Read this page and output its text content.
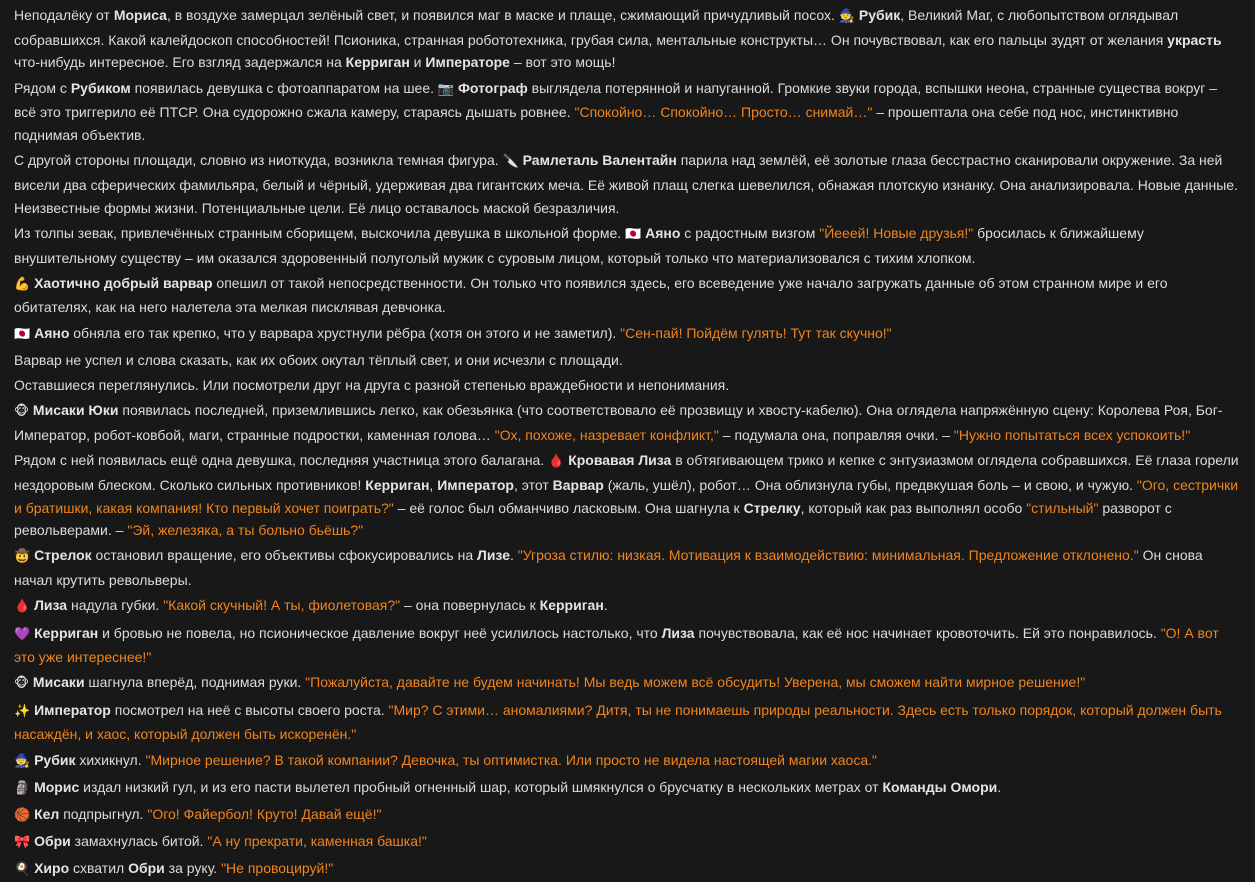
Неподалёку от Мориса, в воздухе замерцал зелёный свет, и появился маг в маске и плаще, сжимающий причудливый посох. 🧙 Рубик, Великий Маг, с любопытством оглядывал собравшихся. Какой калейдоскоп способностей! Псионика, странная робототехника, грубая сила, ментальные конструкты… Он почувствовал, как его пальцы зудят от желания украсть что-нибудь интересное. Его взгляд задержался на Керриган и Императоре – вот это мощь!
Рядом с Рубиком появилась девушка с фотоаппаратом на шее. 📷 Фотограф выглядела потерянной и напуганной. Громкие звуки города, вспышки неона, странные существа вокруг – всё это триггерило её ПТСР. Она судорожно сжала камеру, стараясь дышать ровнее. "Спокойно… Спокойно… Просто… снимай…" – прошептала она себе под нос, инстинктивно поднимая объектив.
С другой стороны площади, словно из ниоткуда, возникла темная фигура. 🔪 Рамлеталь Валентайн парила над землёй, её золотые глаза бесстрастно сканировали окружение. За ней висели два сферических фамильяра, белый и чёрный, удерживая два гигантских меча. Её живой плащ слегка шевелился, обнажая плотскую изнанку. Она анализировала. Новые данные. Неизвестные формы жизни. Потенциальные цели. Её лицо оставалось маской безразличия.
Из толпы зевак, привлечённых странным сборищем, выскочила девушка в школьной форме. 🇯🇵 Аяно с радостным визгом "Йееей! Новые друзья!" бросилась к ближайшему внушительному существу – им оказался здоровенный полуголый мужик с суровым лицом, который только что материализовался с тихим хлопком.
💪 Хаотично добрый варвар опешил от такой непосредственности. Он только что появился здесь, его всеведение уже начало загружать данные об этом странном мире и его обитателях, как на него налетела эта мелкая писклявая девчонка.
🇯🇵 Аяно обняла его так крепко, что у варвара хрустнули рёбра (хотя он этого и не заметил). "Сен-пай! Пойдём гулять! Тут так скучно!"
Варвар не успел и слова сказать, как их обоих окутал тёплый свет, и они исчезли с площади.
Оставшиеся переглянулись. Или посмотрели друг на друга с разной степенью враждебности и непонимания.
🐵 Мисаки Юки появилась последней, приземлившись легко, как обезьянка (что соответствовало её прозвищу и хвосту-кабелю). Она оглядела напряжённую сцену: Королева Роя, Бог-Император, робот-ковбой, маги, странные подростки, каменная голова… "Ох, похоже, назревает конфликт," – подумала она, поправляя очки. – "Нужно попытаться всех успокоить!"
Рядом с ней появилась ещё одна девушка, последняя участница этого балагана. 🩸 Кровавая Лиза в обтягивающем трико и кепке с энтузиазмом оглядела собравшихся. Её глаза горели нездоровым блеском. Сколько сильных противников! Керриган, Император, этот Варвар (жаль, ушёл), робот… Она облизнула губы, предвкушая боль – и свою, и чужую. "Ого, сестрички и братишки, какая компания! Кто первый хочет поиграть?" – её голос был обманчиво ласковым. Она шагнула к Стрелку, который как раз выполнял особо "стильный" разворот с револьверами. – "Эй, железяка, а ты больно бьёшь?"
🤠 Стрелок остановил вращение, его объективы сфокусировались на Лизе. "Угроза стилю: низкая. Мотивация к взаимодействию: минимальная. Предложение отклонено." Он снова начал крутить револьверы.
🩸 Лиза надула губки. "Какой скучный! А ты, фиолетовая?" – она повернулась к Керриган.
💜 Керриган и бровью не повела, но псионическое давление вокруг неё усилилось настолько, что Лиза почувствовала, как её нос начинает кровоточить. Ей это понравилось. "О! А вот это уже интереснее!"
🐵 Мисаки шагнула вперёд, поднимая руки. "Пожалуйста, давайте не будем начинать! Мы ведь можем всё обсудить! Уверена, мы сможем найти мирное решение!"
✨ Император посмотрел на неё с высоты своего роста. "Мир? С этими… аномалиями? Дитя, ты не понимаешь природы реальности. Здесь есть только порядок, который должен быть насаждён, и хаос, который должен быть искоренён."
🧙 Рубик хихикнул. "Мирное решение? В такой компании? Девочка, ты оптимистка. Или просто не видела настоящей магии хаоса."
🗿 Морис издал низкий гул, и из его пасти вылетел пробный огненный шар, который шмякнулся о брусчатку в нескольких метрах от Команды Омори.
🏀 Кел подпрыгнул. "Ого! Файербол! Круто! Давай ещё!"
🎀 Обри замахнулась битой. "А ну прекрати, каменная башка!"
🍳 Хиро схватил Обри за руку. "Не провоцируй!"
